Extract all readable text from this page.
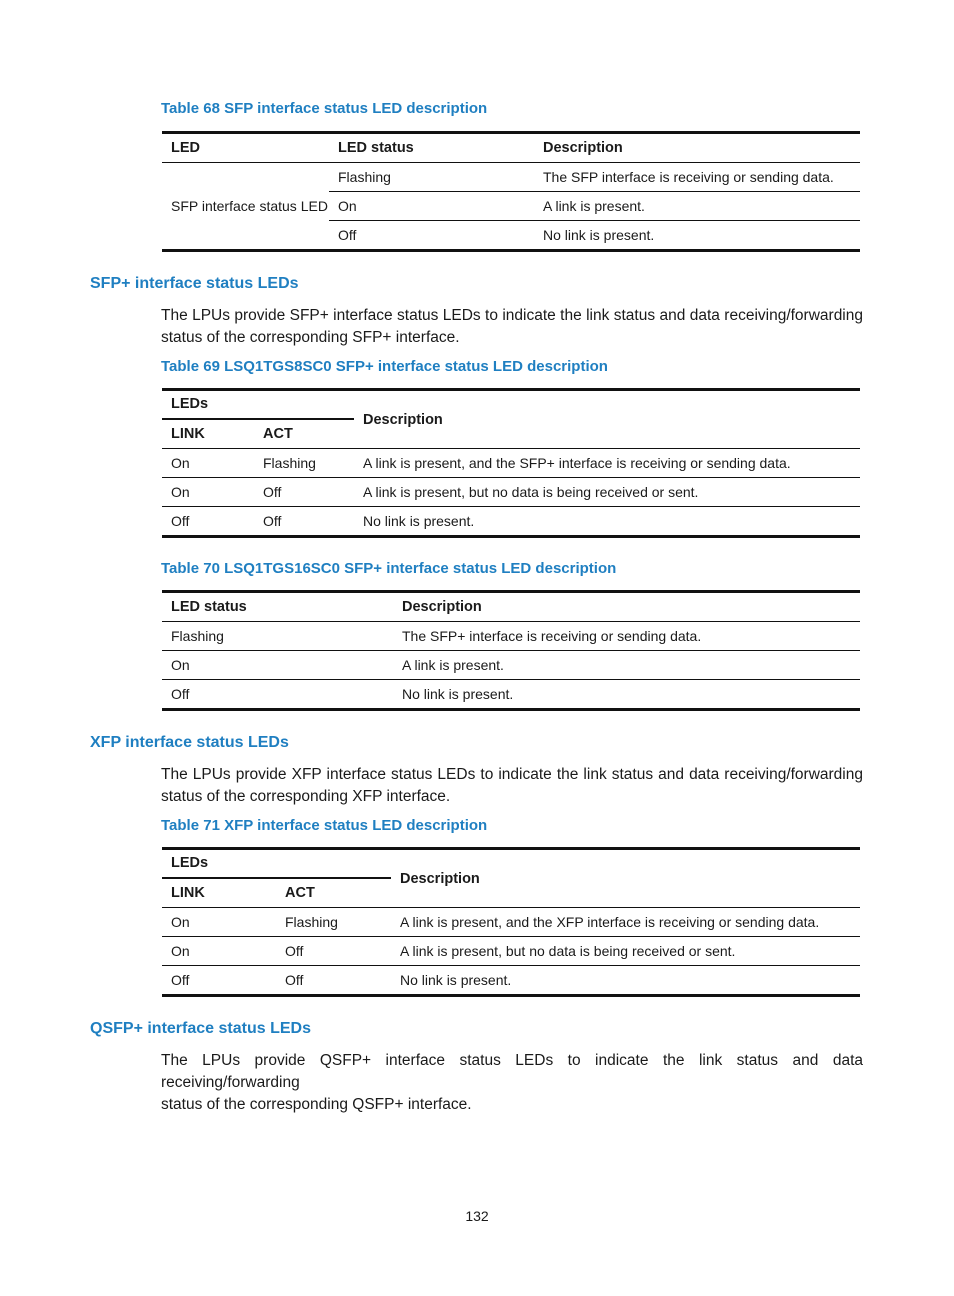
Table 68 SFP interface status LED description
LED	LED status	Description
SFP interface status LED	Flashing	The SFP interface is receiving or sending data.
	On	A link is present.
	Off	No link is present.
SFP+ interface status LEDs
The LPUs provide SFP+ interface status LEDs to indicate the link status and data receiving/forwarding
status of the corresponding SFP+ interface.
Table 69 LSQ1TGS8SC0 SFP+ interface status LED description
LEDs		Description
LINK	ACT	
On	Flashing	A link is present, and the SFP+ interface is receiving or sending data.
On	Off	A link is present, but no data is being received or sent.
Off	Off	No link is present.
Table 70 LSQ1TGS16SC0 SFP+ interface status LED description
LED status	Description
Flashing	The SFP+ interface is receiving or sending data.
On	A link is present.
Off	No link is present.
XFP interface status LEDs
The LPUs provide XFP interface status LEDs to indicate the link status and data receiving/forwarding
status of the corresponding XFP interface.
Table 71 XFP interface status LED description
LEDs		Description
LINK	ACT	
On	Flashing	A link is present, and the XFP interface is receiving or sending data.
On	Off	A link is present, but no data is being received or sent.
Off	Off	No link is present.
QSFP+ interface status LEDs
The LPUs provide QSFP+ interface status LEDs to indicate the link status and data receiving/forwarding
status of the corresponding QSFP+ interface.
132
